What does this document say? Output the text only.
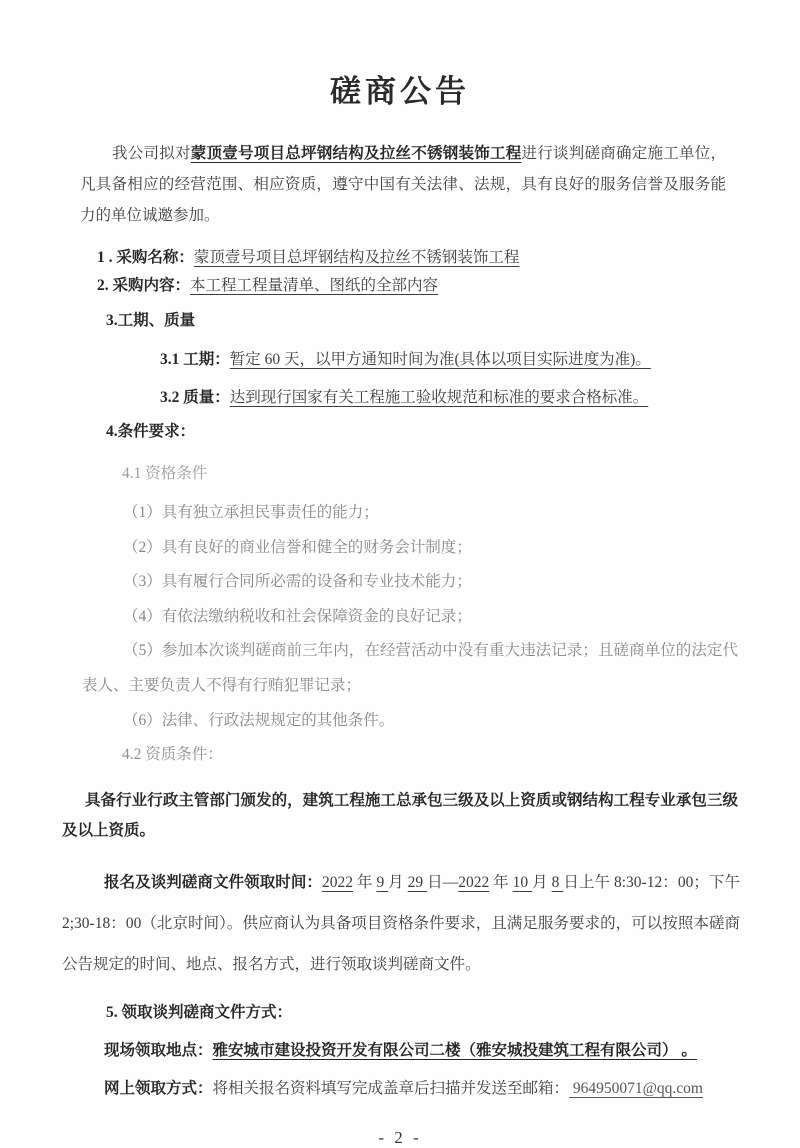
磋商公告

我公司拟对蒙顶壹号项目总坪钢结构及拉丝不锈钢装饰工程进行谈判磋商确定施工单位，凡具备相应的经营范围、相应资质，遵守中国有关法律、法规，具有良好的服务信誉及服务能力的单位诚邀参加。

1 . 采购名称：蒙顶壹号项目总坪钢结构及拉丝不锈钢装饰工程
2. 采购内容：本工程工程量清单、图纸的全部内容
3.工期、质量
3.1 工期：暂定 60 天，以甲方通知时间为准(具体以项目实际进度为准)。
3.2 质量：达到现行国家有关工程施工验收规范和标准的要求合格标准。
4.条件要求：
4.1 资格条件
（1）具有独立承担民事责任的能力；
（2）具有良好的商业信誉和健全的财务会计制度；
（3）具有履行合同所必需的设备和专业技术能力；
（4）有依法缴纳税收和社会保障资金的良好记录；
（5）参加本次谈判磋商前三年内，在经营活动中没有重大违法记录；且磋商单位的法定代表人、主要负责人不得有行贿犯罪记录；
（6）法律、行政法规规定的其他条件。
4.2 资质条件：

具备行业行政主管部门颁发的，建筑工程施工总承包三级及以上资质或钢结构工程专业承包三级及以上资质。

报名及谈判磋商文件领取时间：2022 年 9 月 29 日—2022 年 10 月 8 日上午 8:30-12：00；下午 2;30-18：00（北京时间）。供应商认为具备项目资格条件要求，且满足服务要求的，可以按照本磋商公告规定的时间、地点、报名方式，进行领取谈判磋商文件。

5. 领取谈判磋商文件方式：
现场领取地点：雅安城市建设投资开发有限公司二楼（雅安城投建筑工程有限公司） 。
网上领取方式：将相关报名资料填写完成盖章后扫描并发送至邮箱： 964950071@qq.com
- 2 -
